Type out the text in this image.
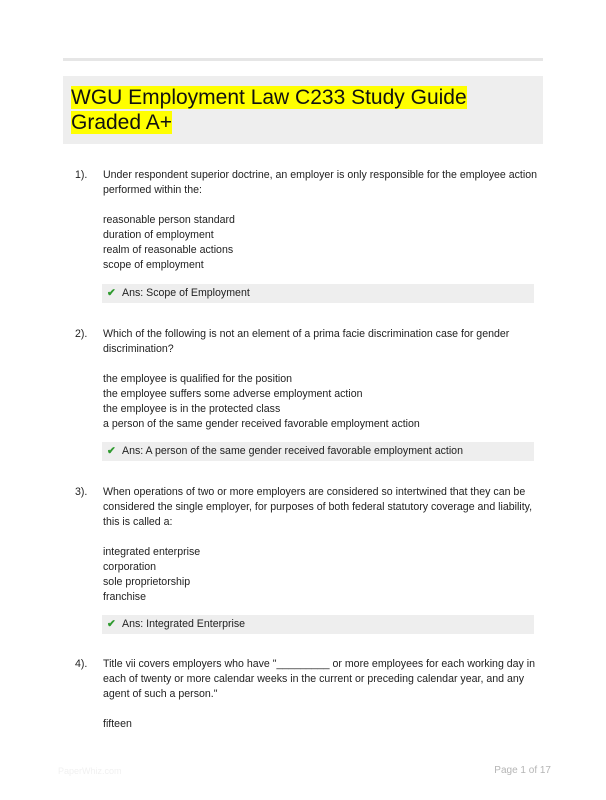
WGU Employment Law C233 Study Guide Graded A+
1).	Under respondent superior doctrine, an employer is only responsible for the employee action performed within the:
reasonable person standard
duration of employment
realm of reasonable actions
scope of employment
✔ Ans: Scope of Employment
2).	Which of the following is not an element of a prima facie discrimination case for gender discrimination?
the employee is qualified for the position
the employee suffers some adverse employment action
the employee is in the protected class
a person of the same gender received favorable employment action
✔ Ans: A person of the same gender received favorable employment action
3).	When operations of two or more employers are considered so intertwined that they can be considered the single employer, for purposes of both federal statutory coverage and liability, this is called a:
integrated enterprise
corporation
sole proprietorship
franchise
✔ Ans: Integrated Enterprise
4).	Title vii covers employers who have "_________ or more employees for each working day in each of twenty or more calendar weeks in the current or preceding calendar year, and any agent of such a person."
fifteen
PaperWhiz.com	Page 1 of 17
